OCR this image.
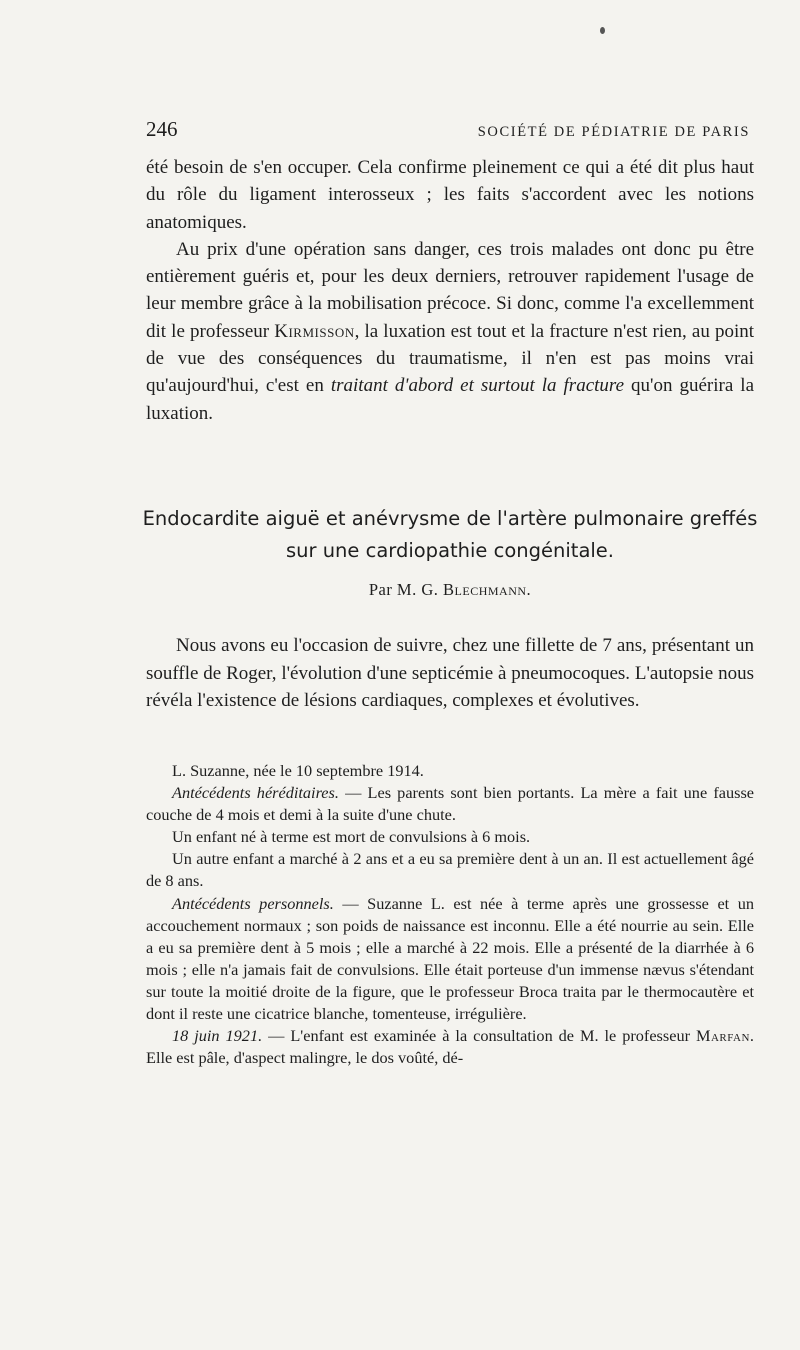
246	SOCIÉTÉ DE PÉDIATRIE DE PARIS

été besoin de s'en occuper. Cela confirme pleinement ce qui a été dit plus haut du rôle du ligament interosseux ; les faits s'accordent avec les notions anatomiques.

Au prix d'une opération sans danger, ces trois malades ont donc pu être entièrement guéris et, pour les deux derniers, retrouver rapidement l'usage de leur membre grâce à la mobilisation précoce. Si donc, comme l'a excellemment dit le professeur Kirmisson, la luxation est tout et la fracture n'est rien, au point de vue des conséquences du traumatisme, il n'en est pas moins vrai qu'aujourd'hui, c'est en traitant d'abord et surtout la fracture qu'on guérira la luxation.

Endocardite aiguë et anévrysme de l'artère pulmonaire greffés
sur une cardiopathie congénitale.
Par M. G. Blechmann.

Nous avons eu l'occasion de suivre, chez une fillette de 7 ans, présentant un souffle de Roger, l'évolution d'une septicémie à pneumocoques. L'autopsie nous révéla l'existence de lésions cardiaques, complexes et évolutives.

L. Suzanne, née le 10 septembre 1914.

Antécédents héréditaires. — Les parents sont bien portants. La mère a fait une fausse couche de 4 mois et demi à la suite d'une chute.

Un enfant né à terme est mort de convulsions à 6 mois.

Un autre enfant a marché à 2 ans et a eu sa première dent à un an. Il est actuellement âgé de 8 ans.

Antécédents personnels. — Suzanne L. est née à terme après une grossesse et un accouchement normaux ; son poids de naissance est inconnu. Elle a été nourrie au sein. Elle a eu sa première dent à 5 mois ; elle a marché à 22 mois. Elle a présenté de la diarrhée à 6 mois ; elle n'a jamais fait de convulsions. Elle était porteuse d'un immense nævus s'étendant sur toute la moitié droite de la figure, que le professeur Broca traita par le thermocautère et dont il reste une cicatrice blanche, tomenteuse, irrégulière.

18 juin 1921. — L'enfant est examinée à la consultation de M. le professeur Marfan. Elle est pâle, d'aspect malingre, le dos voûté, dé-
